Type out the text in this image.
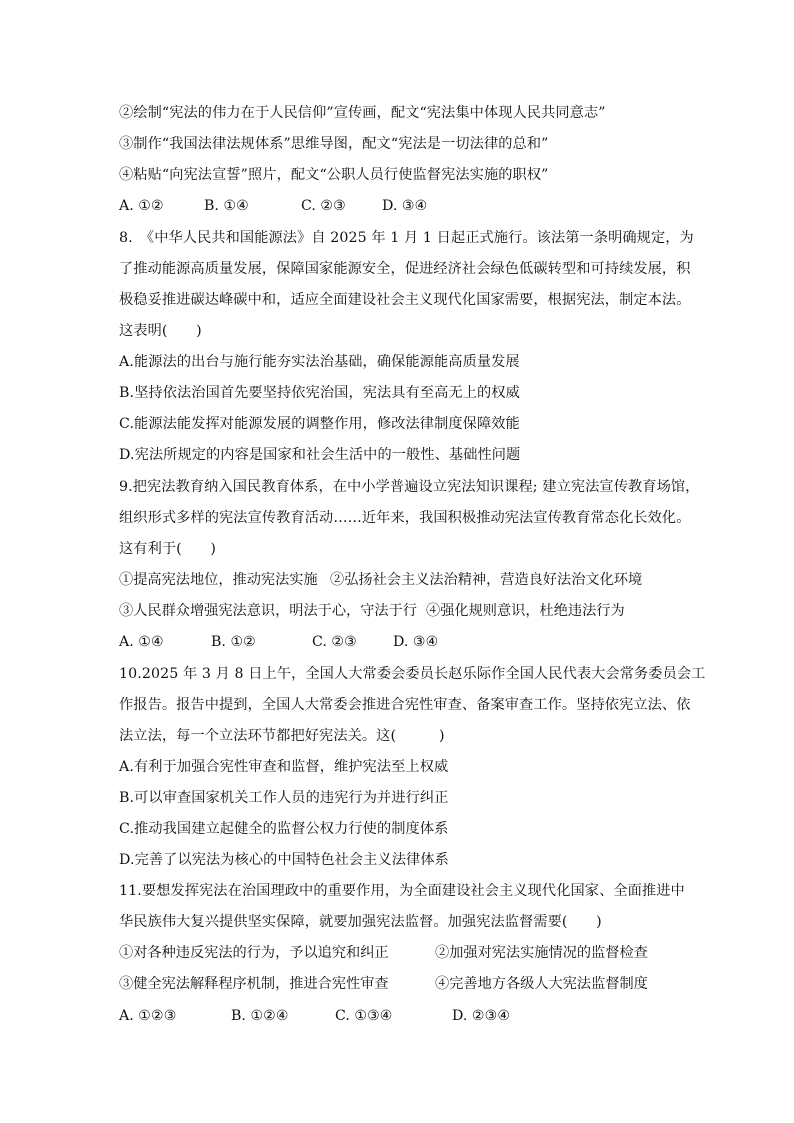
②绘制“宪法的伟力在于人民信仰”宣传画，配文“宪法集中体现人民共同意志”
③制作“我国法律法规体系”思维导图，配文“宪法是一切法律的总和”
④粘贴“向宪法宣誓”照片，配文“公职人员行使监督宪法实施的职权”
A. ①②	B. ①④	C. ②③	D. ③④
8.　《中华人民共和国能源法》自 2025 年 1 月 1 日起正式施行。该法第一条明确规定，为
了推动能源高质量发展，保障国家能源安全，促进经济社会绿色低碳转型和可持续发展，积
极稳妥推进碳达峰碳中和，适应全面建设社会主义现代化国家需要，根据宪法，制定本法。
这表明(　　)
A.能源法的出台与施行能夯实法治基础，确保能源能高质量发展
B.坚持依法治国首先要坚持依宪治国，宪法具有至高无上的权威
C.能源法能发挥对能源发展的调整作用，修改法律制度保障效能
D.宪法所规定的内容是国家和社会生活中的一般性、基础性问题
9.把宪法教育纳入国民教育体系，在中小学普遍设立宪法知识课程; 建立宪法宣传教育场馆，
组织形式多样的宪法宣传教育活动……近年来，我国积极推动宪法宣传教育常态化长效化。
这有利于(　　)
①提高宪法地位，推动宪法实施 ②弘扬社会主义法治精神，营造良好法治文化环境
③人民群众增强宪法意识，明法于心，守法于行 ④强化规则意识，杜绝违法行为
A. ①④	B. ①②	C. ②③	D. ③④
10.2025 年 3 月 8 日上午，全国人大常委会委员长赵乐际作全国人民代表大会常务委员会工
作报告。报告中提到，全国人大常委会推进合宪性审查、备案审查工作。坚持依宪立法、依
法立法，每一个立法环节都把好宪法关。这(　　　)
A.有利于加强合宪性审查和监督，维护宪法至上权威
B.可以审查国家机关工作人员的违宪行为并进行纠正
C.推动我国建立起健全的监督公权力行使的制度体系
D.完善了以宪法为核心的中国特色社会主义法律体系
11.要想发挥宪法在治国理政中的重要作用，为全面建设社会主义现代化国家、全面推进中
华民族伟大复兴提供坚实保障，就要加强宪法监督。加强宪法监督需要(　　)
①对各种违反宪法的行为，予以追究和纠正	②加强对宪法实施情况的监督检查
③健全宪法解释程序机制，推进合宪性审查	④完善地方各级人大宪法监督制度
A. ①②③	B. ①②④	C. ①③④	D. ②③④
